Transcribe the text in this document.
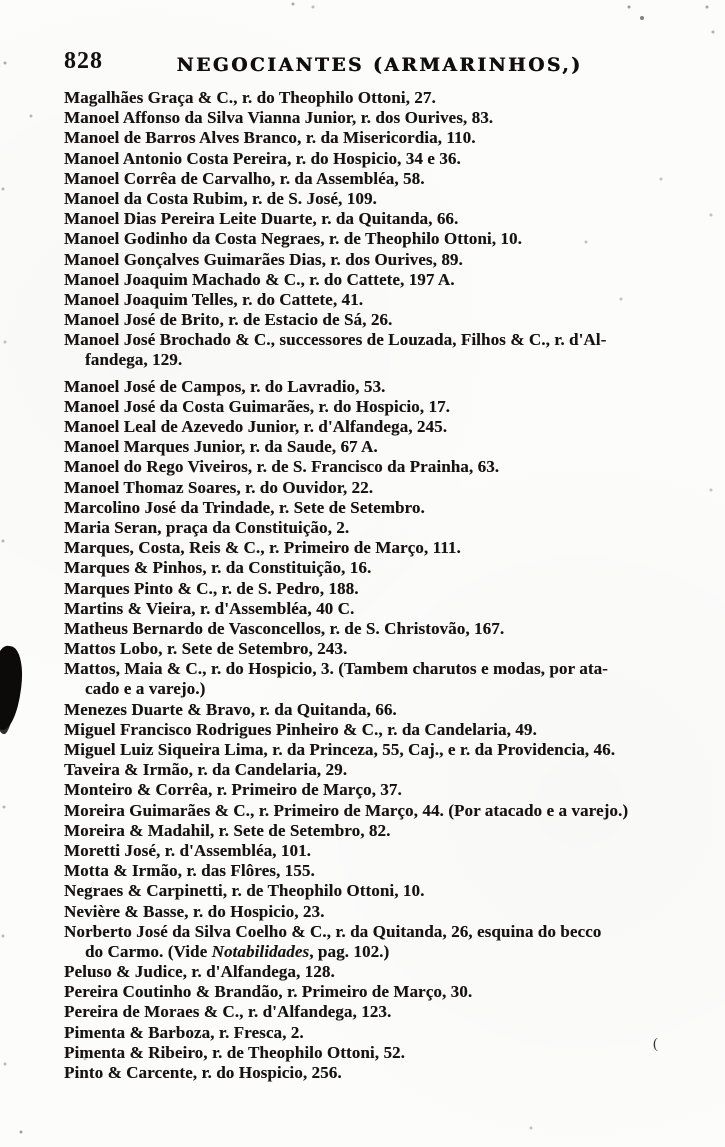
828	NEGOCIANTES (ARMARINHOS,)
Magalhães Graça & C., r. do Theophilo Ottoni, 27.
Manoel Affonso da Silva Vianna Junior, r. dos Ourives, 83.
Manoel de Barros Alves Branco, r. da Misericordia, 110.
Manoel Antonio Costa Pereira, r. do Hospicio, 34 e 36.
Manoel Corrêa de Carvalho, r. da Assembléa, 58.
Manoel da Costa Rubim, r. de S. José, 109.
Manoel Dias Pereira Leite Duarte, r. da Quitanda, 66.
Manoel Godinho da Costa Negraes, r. de Theophilo Ottoni, 10.
Manoel Gonçalves Guimarães Dias, r. dos Ourives, 89.
Manoel Joaquim Machado & C., r. do Cattete, 197 A.
Manoel Joaquim Telles, r. do Cattete, 41.
Manoel José de Brito, r. de Estacio de Sá, 26.
Manoel José Brochado & C., successores de Louzada, Filhos & C., r. d'Al-
fandega, 129.
Manoel José de Campos, r. do Lavradio, 53.
Manoel José da Costa Guimarães, r. do Hospicio, 17.
Manoel Leal de Azevedo Junior, r. d'Alfandega, 245.
Manoel Marques Junior, r. da Saude, 67 A.
Manoel do Rego Viveiros, r. de S. Francisco da Prainha, 63.
Manoel Thomaz Soares, r. do Ouvidor, 22.
Marcolino José da Trindade, r. Sete de Setembro.
Maria Seran, praça da Constituição, 2.
Marques, Costa, Reis & C., r. Primeiro de Março, 111.
Marques & Pinhos, r. da Constituição, 16.
Marques Pinto & C., r. de S. Pedro, 188.
Martins & Vieira, r. d'Assembléa, 40 C.
Matheus Bernardo de Vasconcellos, r. de S. Christovão, 167.
Mattos Lobo, r. Sete de Setembro, 243.
Mattos, Maia & C., r. do Hospicio, 3. (Tambem charutos e modas, por ata-
cado e a varejo.)
Menezes Duarte & Bravo, r. da Quitanda, 66.
Miguel Francisco Rodrigues Pinheiro & C., r. da Candelaria, 49.
Miguel Luiz Siqueira Lima, r. da Princeza, 55, Caj., e r. da Providencia, 46.
Taveira & Irmão, r. da Candelaria, 29.
Monteiro & Corrêa, r. Primeiro de Março, 37.
Moreira Guimarães & C., r. Primeiro de Março, 44. (Por atacado e a varejo.)
Moreira & Madahil, r. Sete de Setembro, 82.
Moretti José, r. d'Assembléa, 101.
Motta & Irmão, r. das Flôres, 155.
Negraes & Carpinetti, r. de Theophilo Ottoni, 10.
Nevière & Basse, r. do Hospicio, 23.
Norberto José da Silva Coelho & C., r. da Quitanda, 26, esquina do becco
do Carmo. (Vide Notabilidades, pag. 102.)
Peluso & Judice, r. d'Alfandega, 128.
Pereira Coutinho & Brandão, r. Primeiro de Março, 30.
Pereira de Moraes & C., r. d'Alfandega, 123.
Pimenta & Barboza, r. Fresca, 2.
Pimenta & Ribeiro, r. de Theophilo Ottoni, 52.
Pinto & Carcente, r. do Hospicio, 256.
(
